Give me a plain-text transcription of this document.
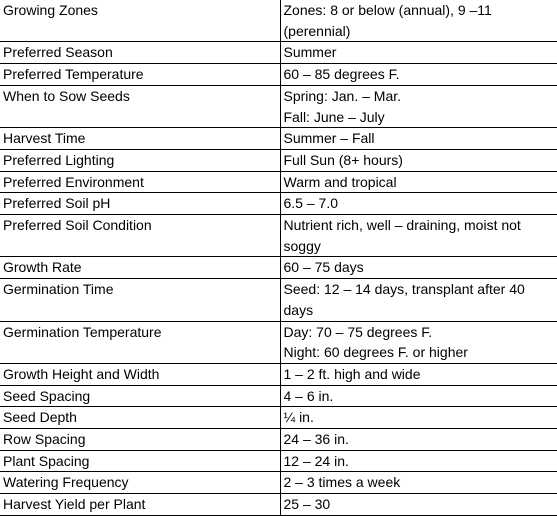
Growing Zones	Zones: 8 or below (annual), 9 –11
(perennial)

Preferred Season	Summer

Preferred Temperature	60 – 85 degrees F.

When to Sow Seeds	Spring: Jan. – Mar.
Fall: June – July

Harvest Time	Summer – Fall

Preferred Lighting	Full Sun (8+ hours)

Preferred Environment	Warm and tropical

Preferred Soil pH	6.5 – 7.0

Preferred Soil Condition	Nutrient rich, well – draining, moist not
soggy

Growth Rate	60 – 75 days

Germination Time	Seed: 12 – 14 days, transplant after 40
days

Germination Temperature	Day: 70 – 75 degrees F.
Night: 60 degrees F. or higher

Growth Height and Width	1 – 2 ft. high and wide

Seed Spacing	4 – 6 in.

Seed Depth	¼ in.

Row Spacing	24 – 36 in.

Plant Spacing	12 – 24 in.

Watering Frequency	2 – 3 times a week

Harvest Yield per Plant	25 – 30
